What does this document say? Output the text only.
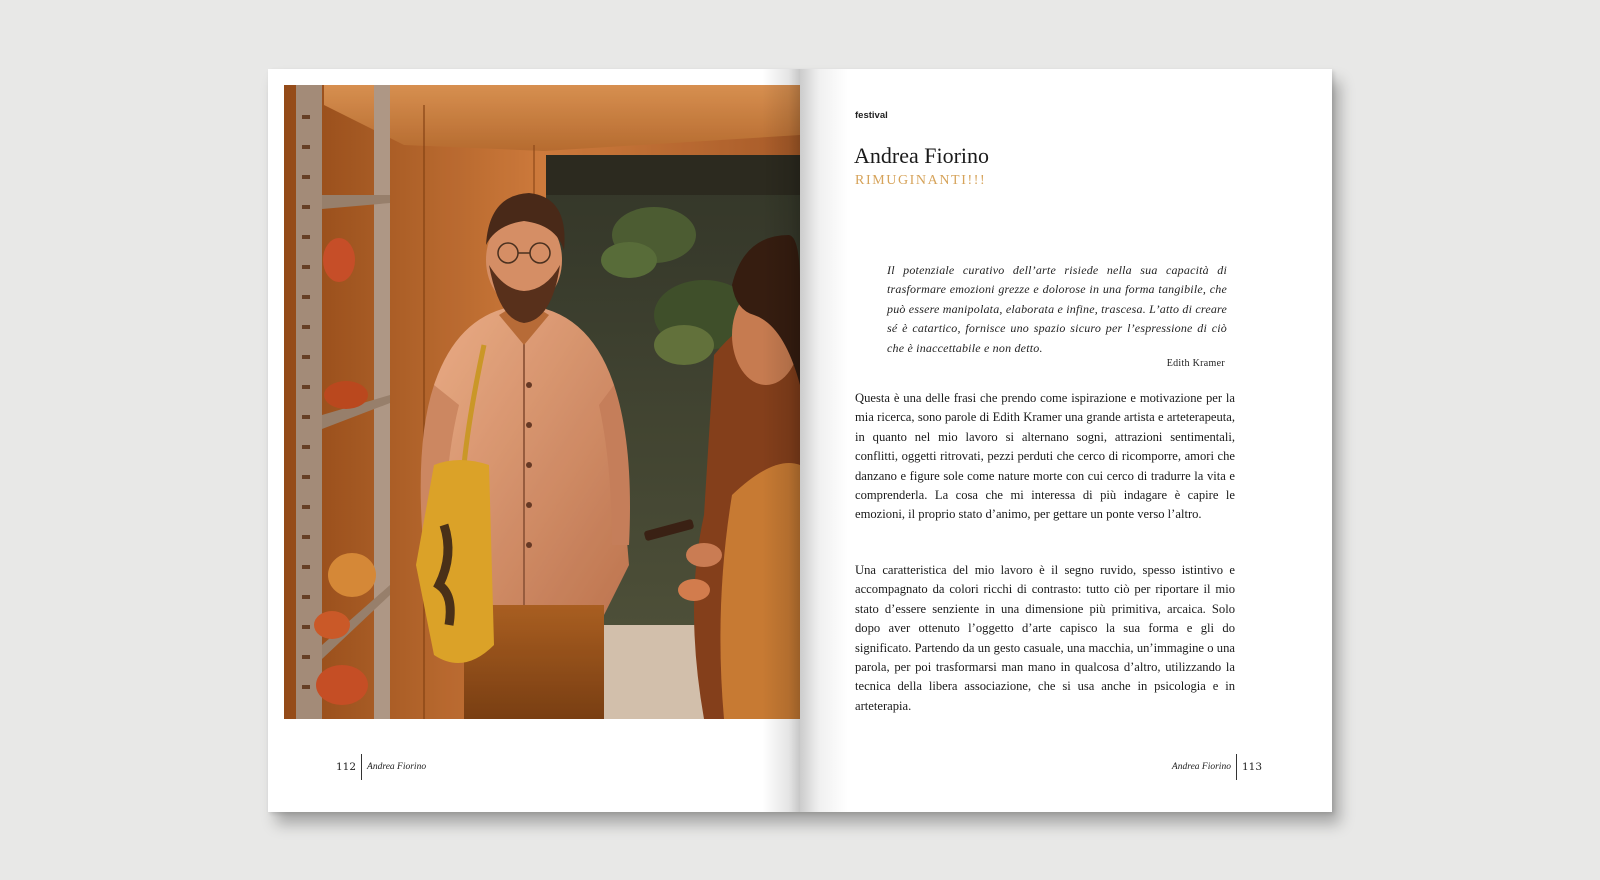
112 Andrea Fiorino
festival
Andrea Fiorino
RIMUGINANTI!!!
Il potenziale curativo dell’arte risiede nella sua capacità di trasformare emozioni grezze e dolorose in una forma tangibile, che può essere manipolata, elaborata e infine, trascesa. L’atto di creare sé è catartico, fornisce uno spazio sicuro per l’espressione di ciò che è inaccettabile e non detto.
Edith Kramer
Questa è una delle frasi che prendo come ispirazione e motivazione per la mia ricerca, sono parole di Edith Kramer una grande artista e arteterapeuta, in quanto nel mio lavoro si alternano sogni, attrazioni sentimentali, conflitti, oggetti ritrovati, pezzi perduti che cerco di ricomporre, amori che danzano e figure sole come nature morte con cui cerco di tradurre la vita e comprenderla. La cosa che mi interessa di più indagare è capire le emozioni, il proprio stato d’animo, per gettare un ponte verso l’altro.
Una caratteristica del mio lavoro è il segno ruvido, spesso istintivo e accompagnato da colori ricchi di contrasto: tutto ciò per riportare il mio stato d’essere senziente in una dimensione più primitiva, arcaica. Solo dopo aver ottenuto l’oggetto d’arte capisco la sua forma e gli do significato. Partendo da un gesto casuale, una macchia, un’immagine o una parola, per poi trasformarsi man mano in qualcosa d’altro, utilizzando la tecnica della libera associazione, che si usa anche in psicologia e in arteterapia.
Andrea Fiorino 113
